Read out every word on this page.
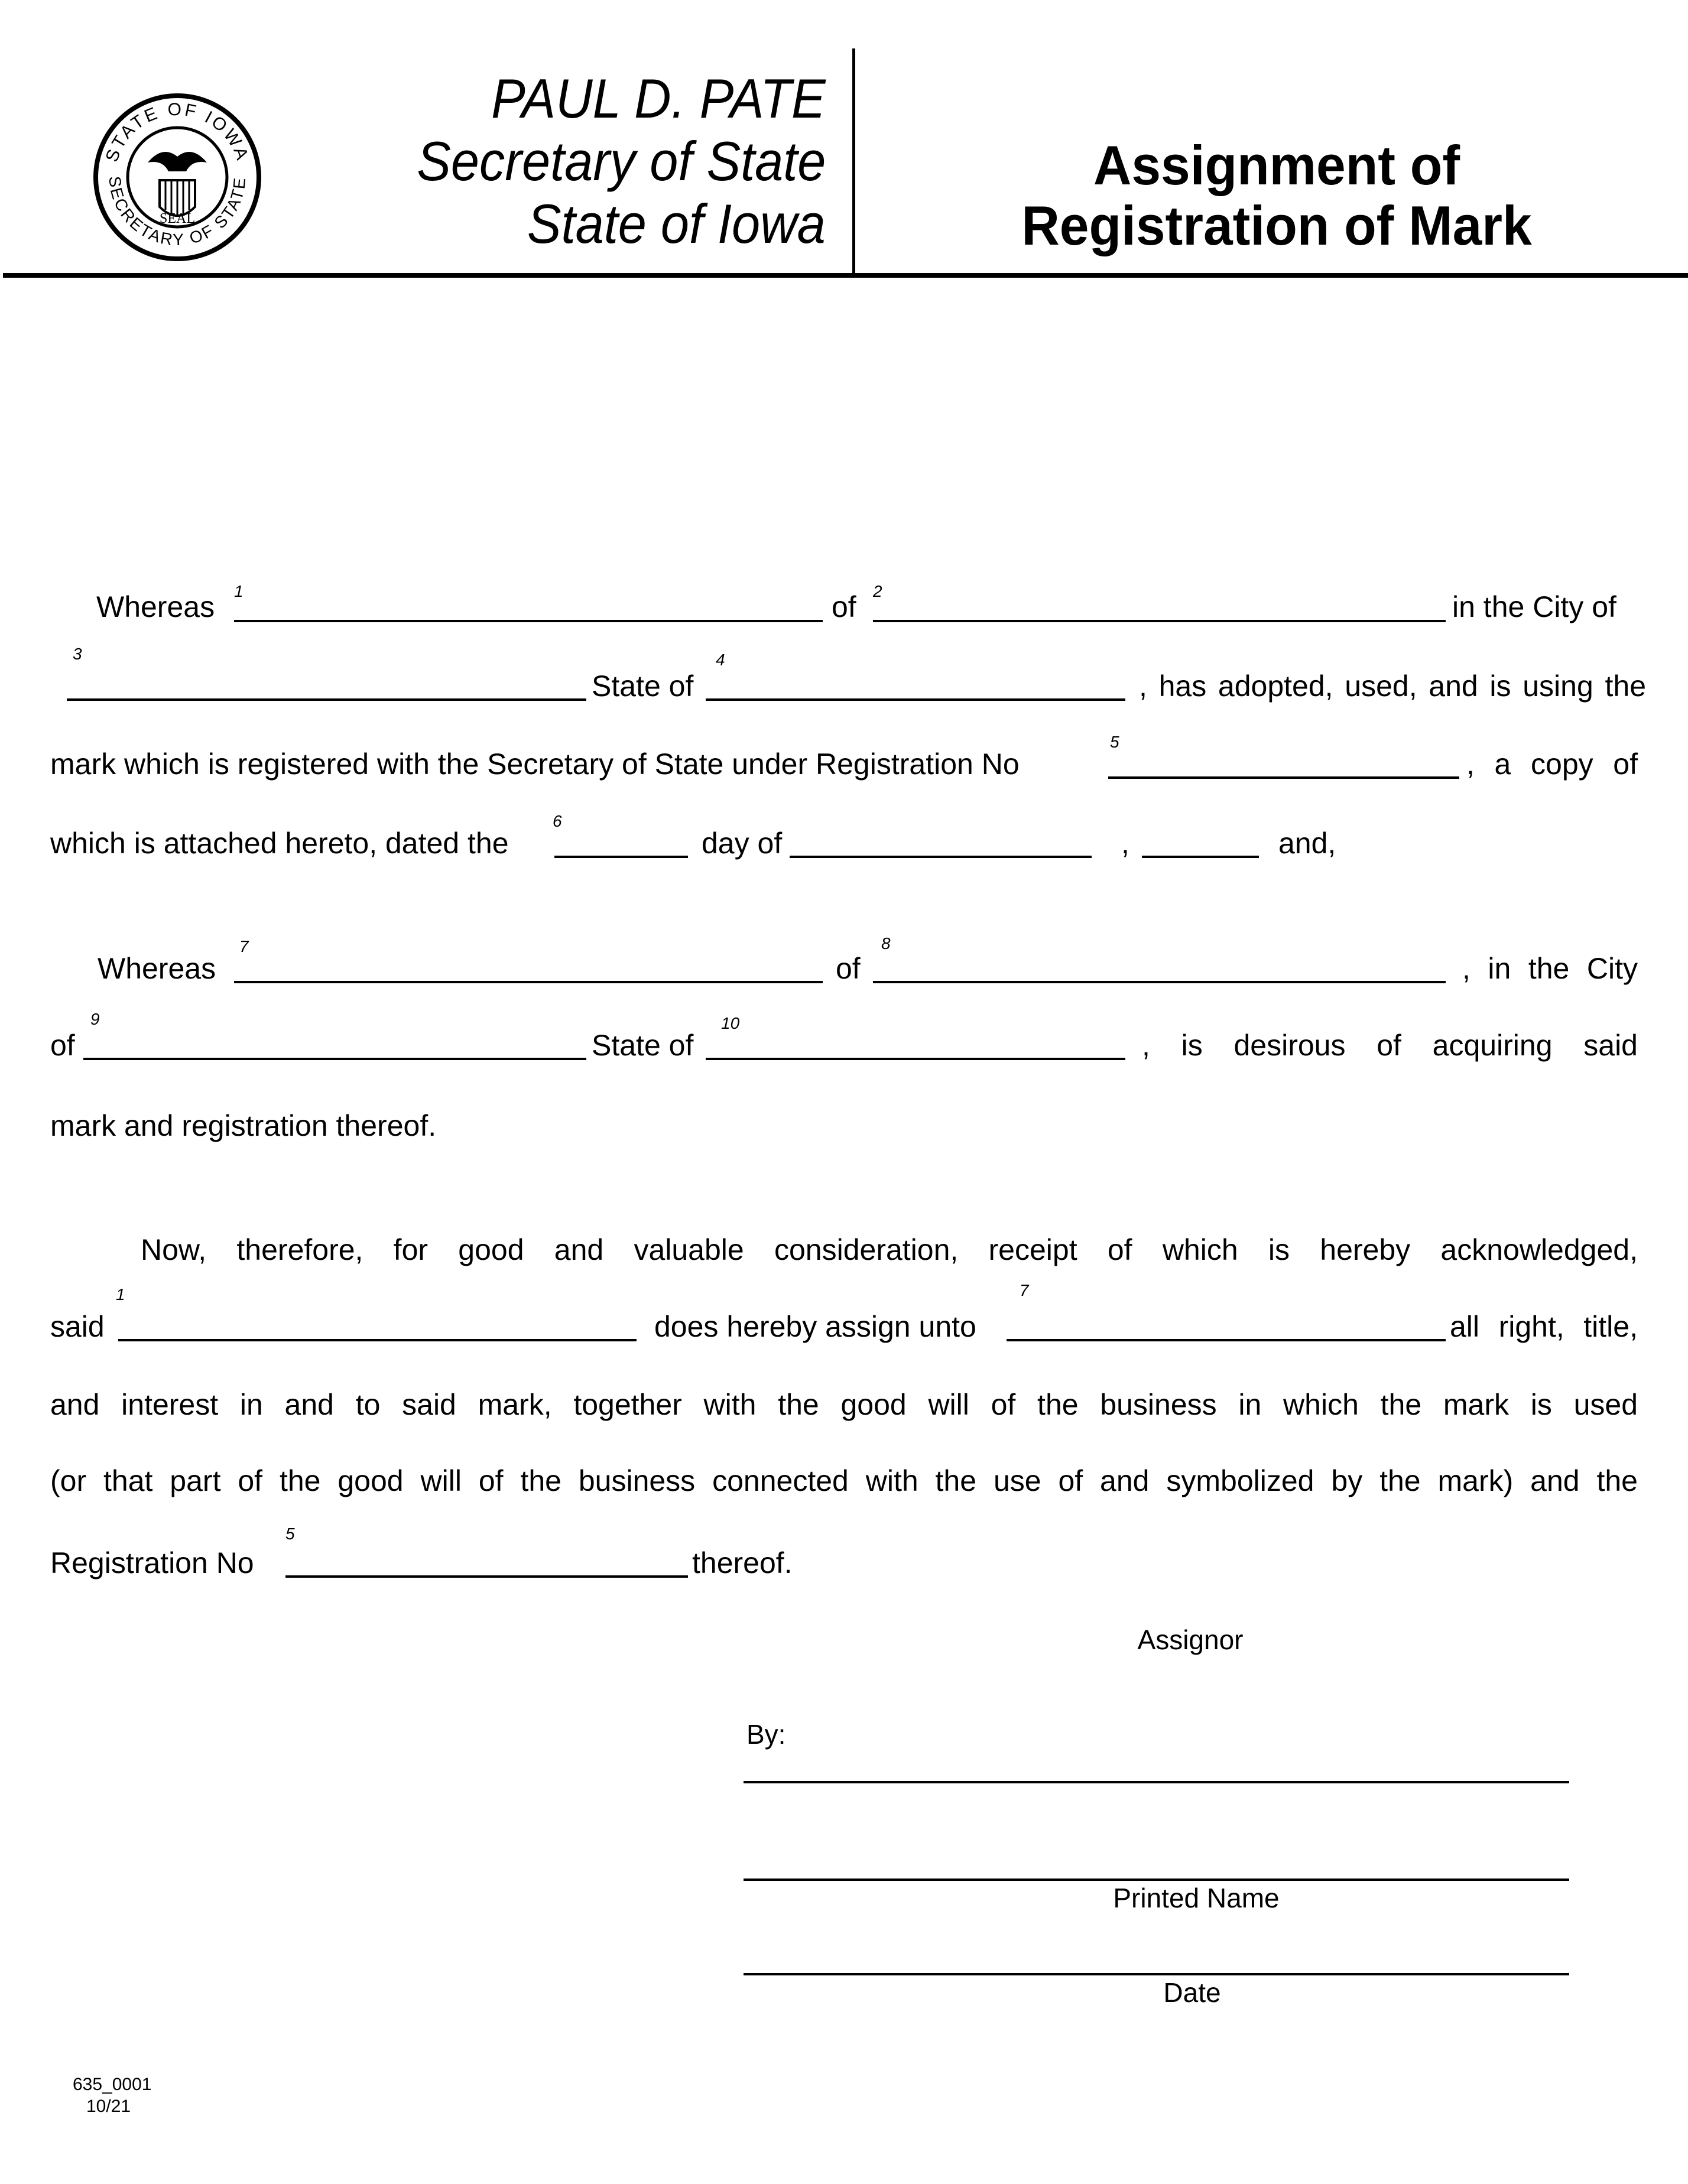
STATE OF IOWA
SECRETARY OF STATE
SEAL
PAUL D. PATE
Secretary of State
State of Iowa
Assignment of
Registration of Mark
Whereas 1	of 2	in the City of
3
State of
4
, has adopted, used, and is using the
mark which is registered with the Secretary of State under Registration No
5
, a copy of
which is attached hereto, dated the
6
day of	,	and,
Whereas
7
of
8
, in the City
of
9
State of
10
, is desirous of acquiring said
mark and registration thereof.
Now, therefore, for good and valuable consideration, receipt of which is hereby acknowledged,
said
1
does hereby assign unto
7
all right, title,
and interest in and to said mark, together with the good will of the business in which the mark is used
(or that part of the good will of the business connected with the use of and symbolized by the mark) and the
Registration No
5
thereof.
Assignor
By:
Printed Name
Date
635_0001
10/21
